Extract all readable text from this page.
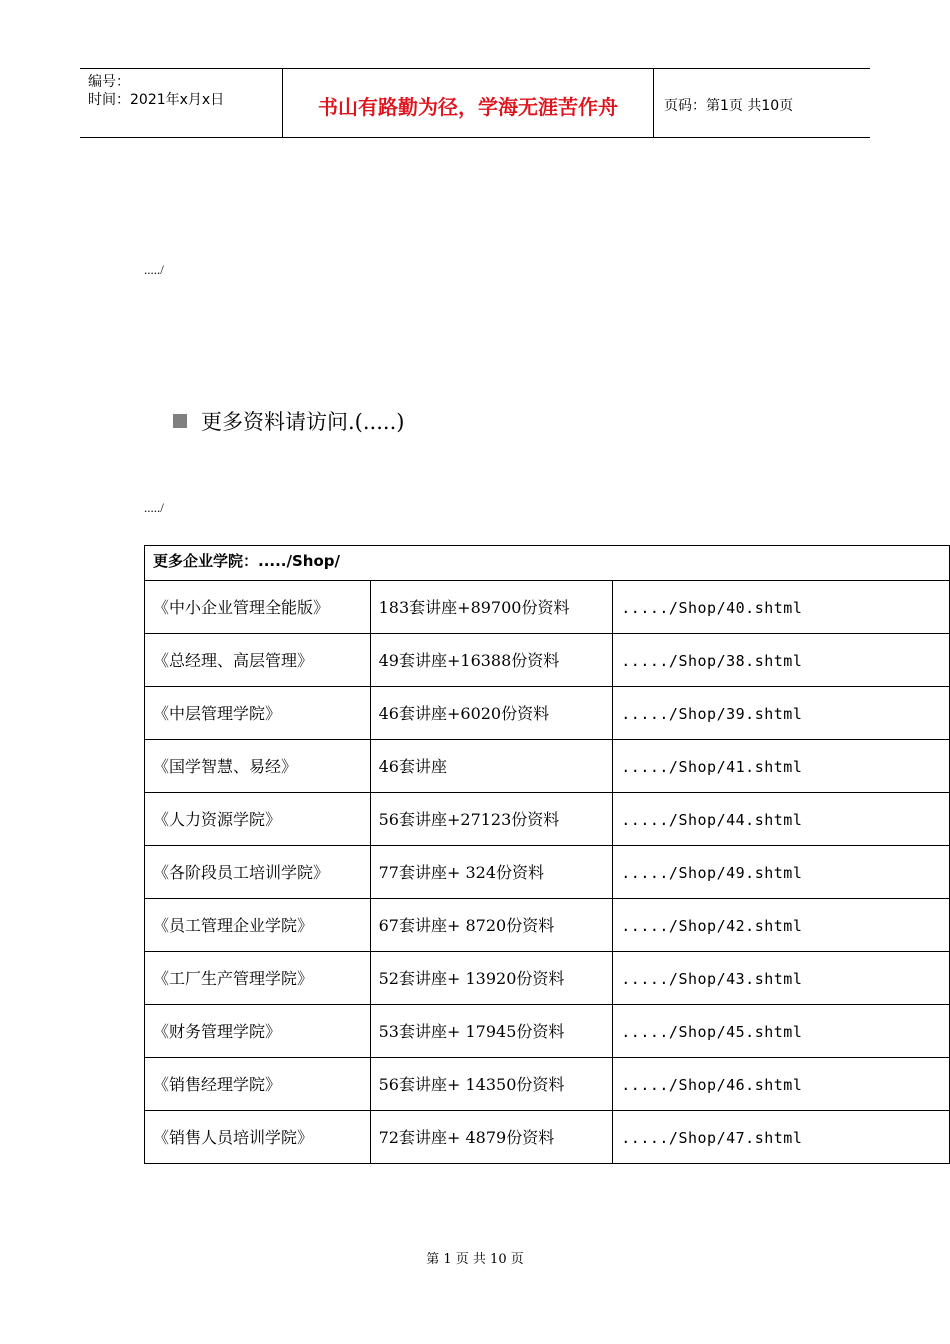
编号：
时间：2021年x月x日	书山有路勤为径，学海无涯苦作舟	页码：第1页 共10页
...../
更多资料请访问.(.....)
...../
更多企业学院：...../Shop/		
《中小企业管理全能版》	183套讲座+89700份资料	...../Shop/40.shtml
《总经理、高层管理》	49套讲座+16388份资料	...../Shop/38.shtml
《中层管理学院》	46套讲座+6020份资料	...../Shop/39.shtml
《国学智慧、易经》	46套讲座	...../Shop/41.shtml
《人力资源学院》	56套讲座+27123份资料	...../Shop/44.shtml
《各阶段员工培训学院》	77套讲座+ 324份资料	...../Shop/49.shtml
《员工管理企业学院》	67套讲座+ 8720份资料	...../Shop/42.shtml
《工厂生产管理学院》	52套讲座+ 13920份资料	...../Shop/43.shtml
《财务管理学院》	53套讲座+ 17945份资料	...../Shop/45.shtml
《销售经理学院》	56套讲座+ 14350份资料	...../Shop/46.shtml
《销售人员培训学院》	72套讲座+ 4879份资料	...../Shop/47.shtml
第 1 页 共 10 页
